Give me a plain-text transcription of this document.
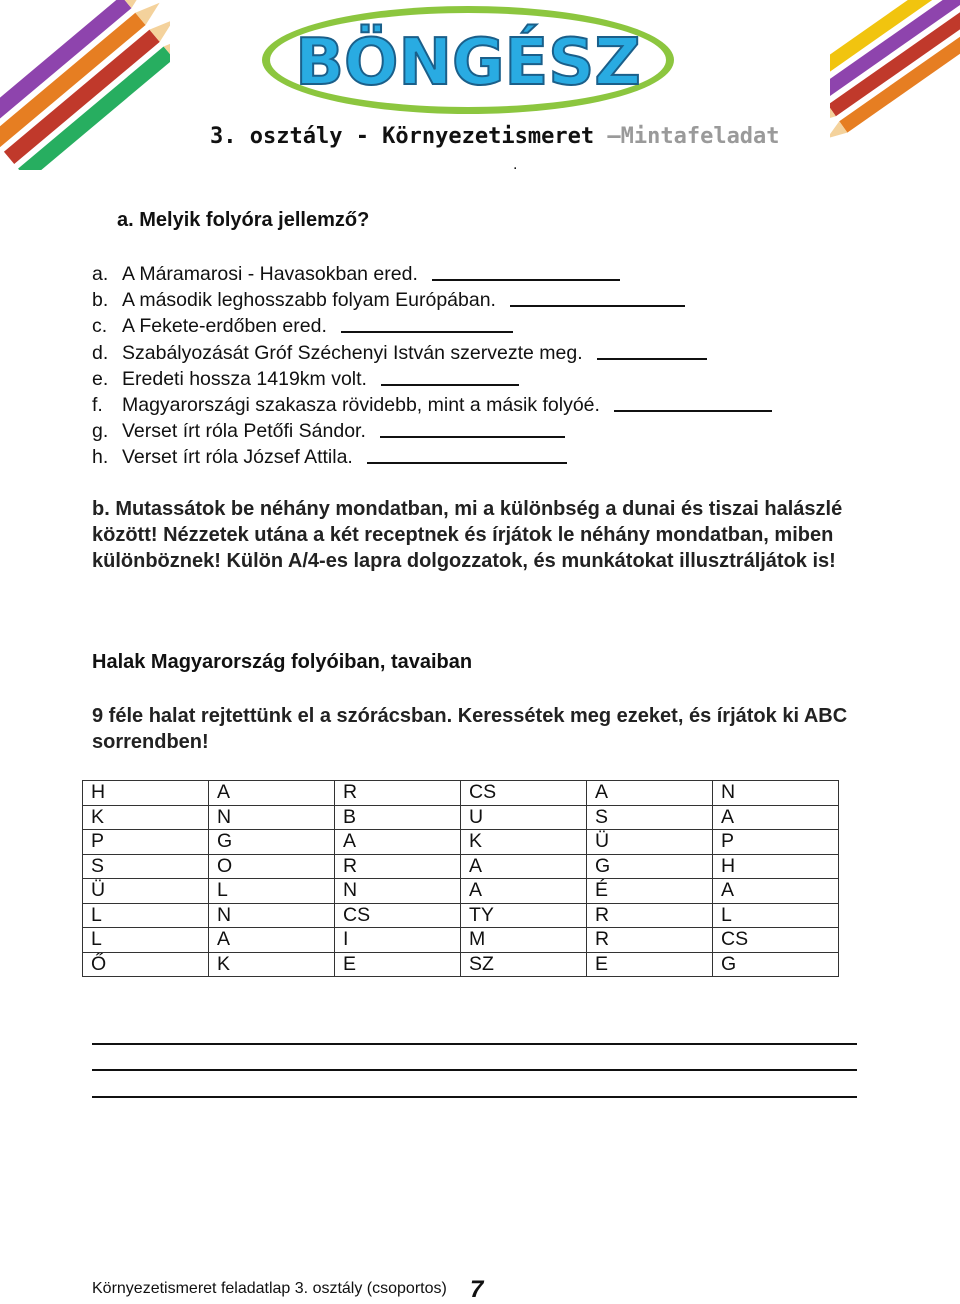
BÖNGÉSZ
3. osztály - Környezetismeret –Mintafeladat
.
a. Melyik folyóra jellemző?
a. A Máramarosi - Havasokban ered.
b. A második leghosszabb folyam Európában.
c. A Fekete-erdőben ered.
d. Szabályozását Gróf Széchenyi István szervezte meg.
e. Eredeti hossza 1419km volt.
f. Magyarországi szakasza rövidebb, mint a másik folyóé.
g. Verset írt róla Petőfi Sándor.
h. Verset írt róla József Attila.
b. Mutassátok be néhány mondatban, mi a különbség a dunai és tiszai halászlé között! Nézzetek utána a két receptnek és írjátok le néhány mondatban, miben különböznek! Külön A/4-es lapra dolgozzatok, és munkátokat illusztráljátok is!
Halak Magyarország folyóiban, tavaiban
9 féle halat rejtettünk el a szórácsban. Keressétek meg ezeket, és írjátok ki ABC sorrendben!
H	A	R	CS	A	N
K	N	B	U	S	A
P	G	A	K	Ü	P
S	O	R	A	G	H
Ü	L	N	A	É	A
L	N	CS	TY	R	L
L	A	I	M	R	CS
Ő	K	E	SZ	E	G
Környezetismeret feladatlap 3. osztály (csoportos) 7
